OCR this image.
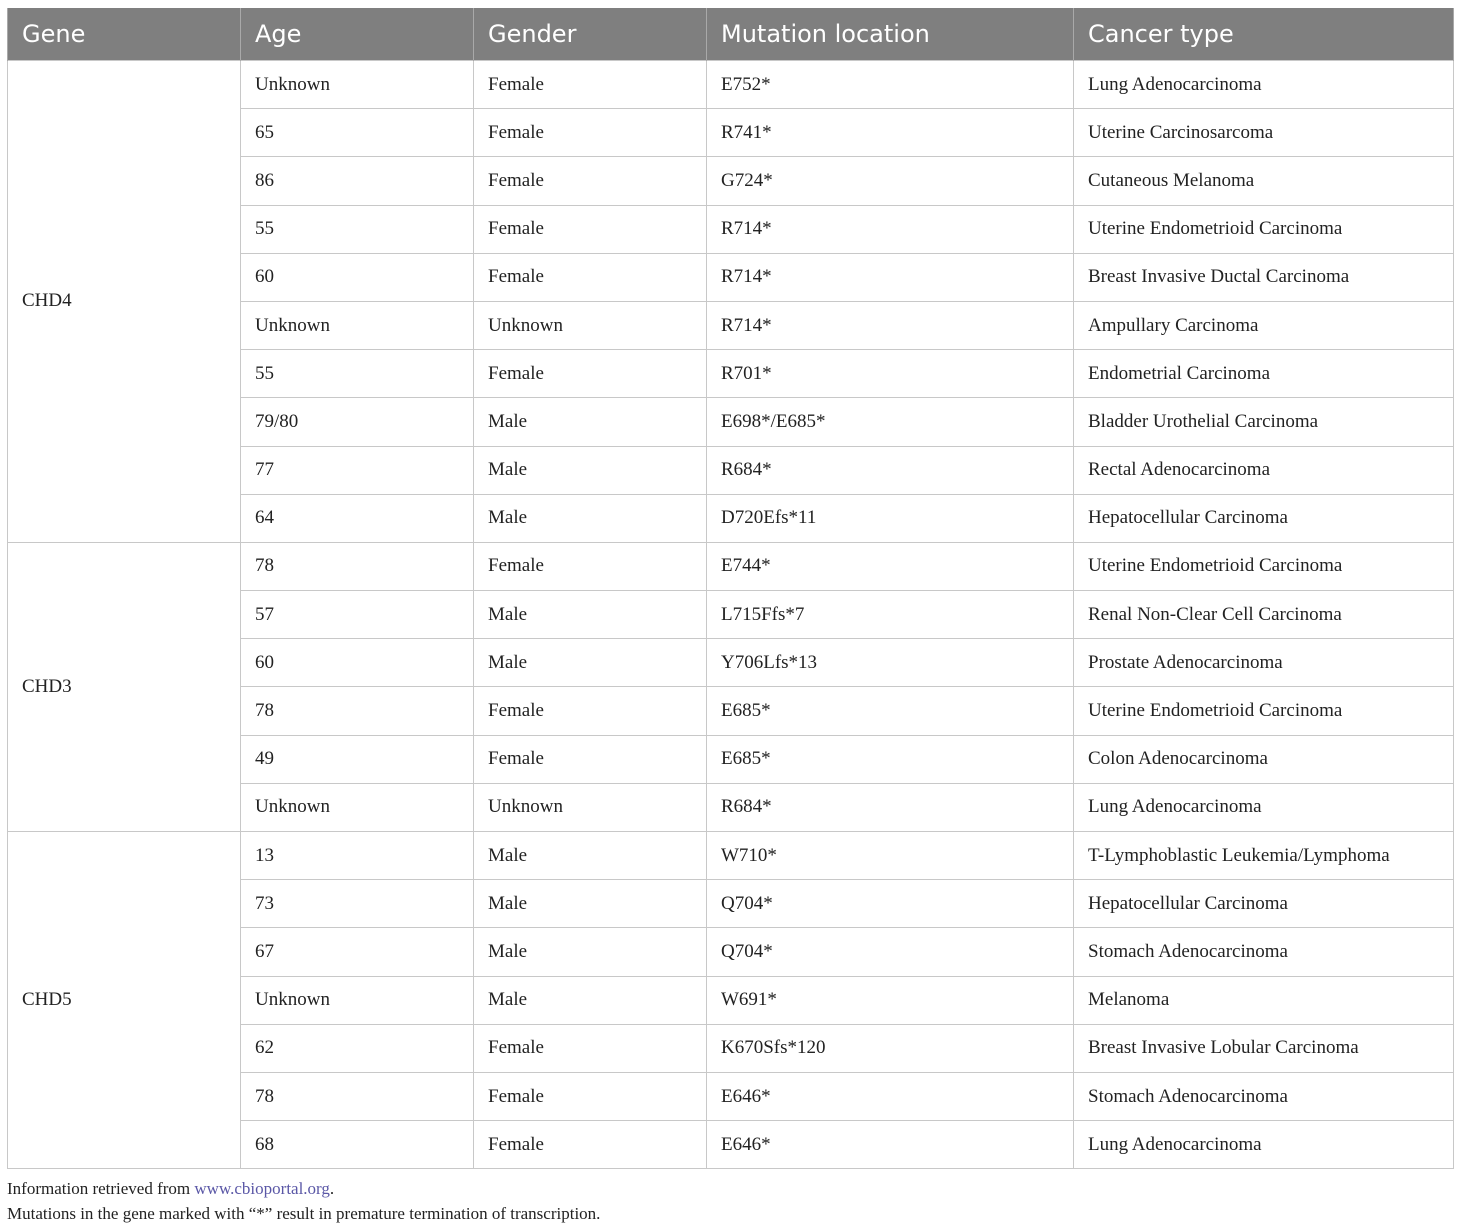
Gene	Age	Gender	Mutation location	Cancer type
CHD4	Unknown	Female	E752*	Lung Adenocarcinoma
	65	Female	R741*	Uterine Carcinosarcoma
	86	Female	G724*	Cutaneous Melanoma
	55	Female	R714*	Uterine Endometrioid Carcinoma
	60	Female	R714*	Breast Invasive Ductal Carcinoma
	Unknown	Unknown	R714*	Ampullary Carcinoma
	55	Female	R701*	Endometrial Carcinoma
	79/80	Male	E698*/E685*	Bladder Urothelial Carcinoma
	77	Male	R684*	Rectal Adenocarcinoma
	64	Male	D720Efs*11	Hepatocellular Carcinoma
CHD3	78	Female	E744*	Uterine Endometrioid Carcinoma
	57	Male	L715Ffs*7	Renal Non-Clear Cell Carcinoma
	60	Male	Y706Lfs*13	Prostate Adenocarcinoma
	78	Female	E685*	Uterine Endometrioid Carcinoma
	49	Female	E685*	Colon Adenocarcinoma
	Unknown	Unknown	R684*	Lung Adenocarcinoma
CHD5	13	Male	W710*	T-Lymphoblastic Leukemia/Lymphoma
	73	Male	Q704*	Hepatocellular Carcinoma
	67	Male	Q704*	Stomach Adenocarcinoma
	Unknown	Male	W691*	Melanoma
	62	Female	K670Sfs*120	Breast Invasive Lobular Carcinoma
	78	Female	E646*	Stomach Adenocarcinoma
	68	Female	E646*	Lung Adenocarcinoma
Information retrieved from www.cbioportal.org.
Mutations in the gene marked with “*” result in premature termination of transcription.
